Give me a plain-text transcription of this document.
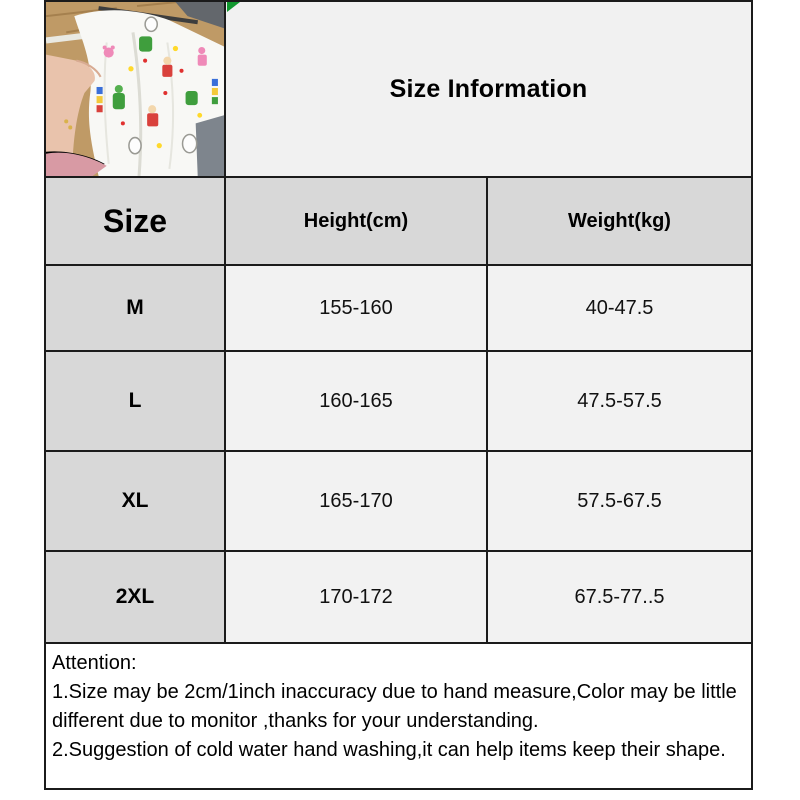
Size Information
Size	Height(cm)	Weight(kg)
M	155-160	40-47.5
L	160-165	47.5-57.5
XL	165-170	57.5-67.5
2XL	170-172	67.5-77..5

Attention:

1.Size may be 2cm/1inch inaccuracy due to hand measure,Color may be little different due to monitor ,thanks for your understanding.

2.Suggestion of cold water hand washing,it can help items keep their shape.
